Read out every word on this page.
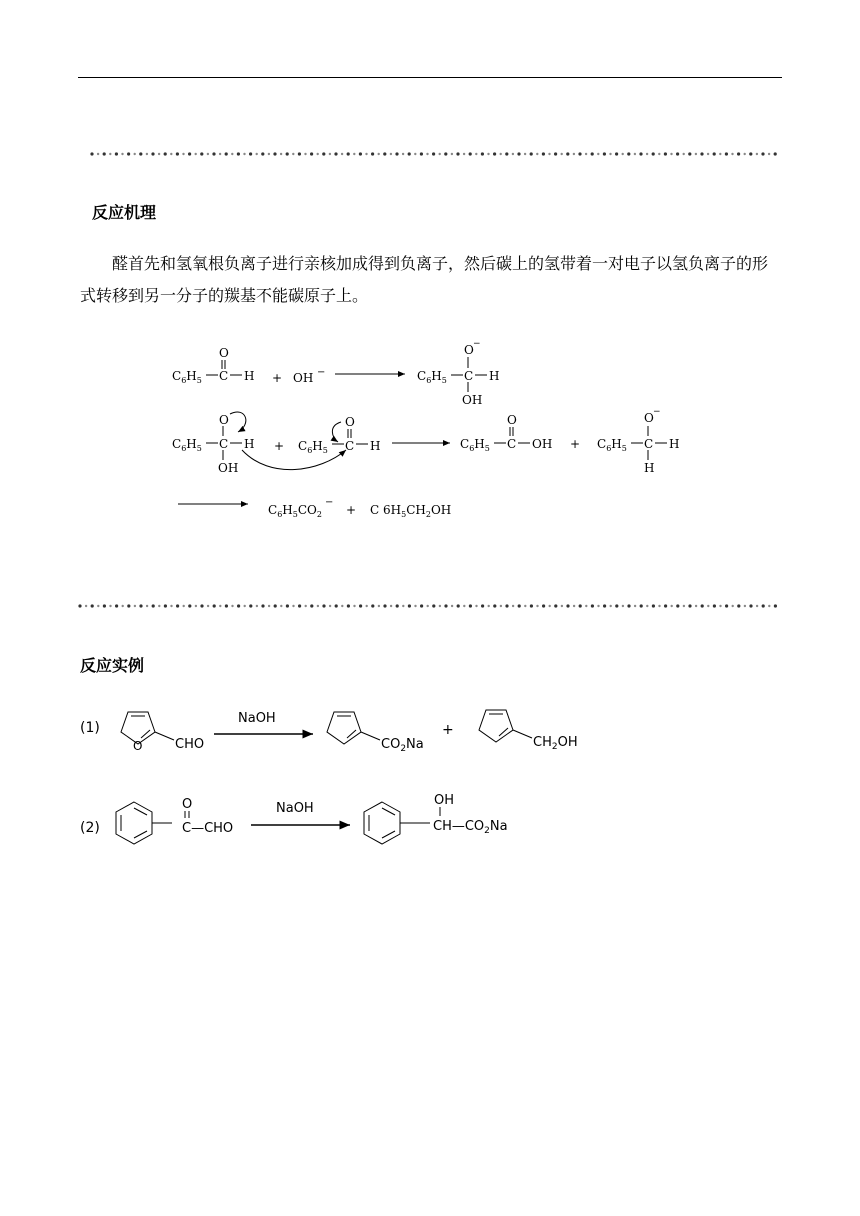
反应机理
醛首先和氢氧根负离子进行亲核加成得到负离子，然后碳上的氢带着一对电子以氢负离子的形式转移到另一分子的羰基不能碳原子上。
$C_6H_5$ C
O
H + OH −	$C_6H_5$ C
O −
H
OH
$C_6H_5$ C
O
H
OH
+ $C_6H_5$ C
O
H	$C_6H_5$ C
O
OH + $C_6H_5$ C
O −
H
H
$C_6H_5CO_2$
−
+ C $6H_5CH_2OH$
反应实例
(1)
O	CHO
NaOH
$CO_2Na$
+
$CH_2OH$
(2)
O
C—CHO
NaOH
OH
$CH—CO_2Na$
